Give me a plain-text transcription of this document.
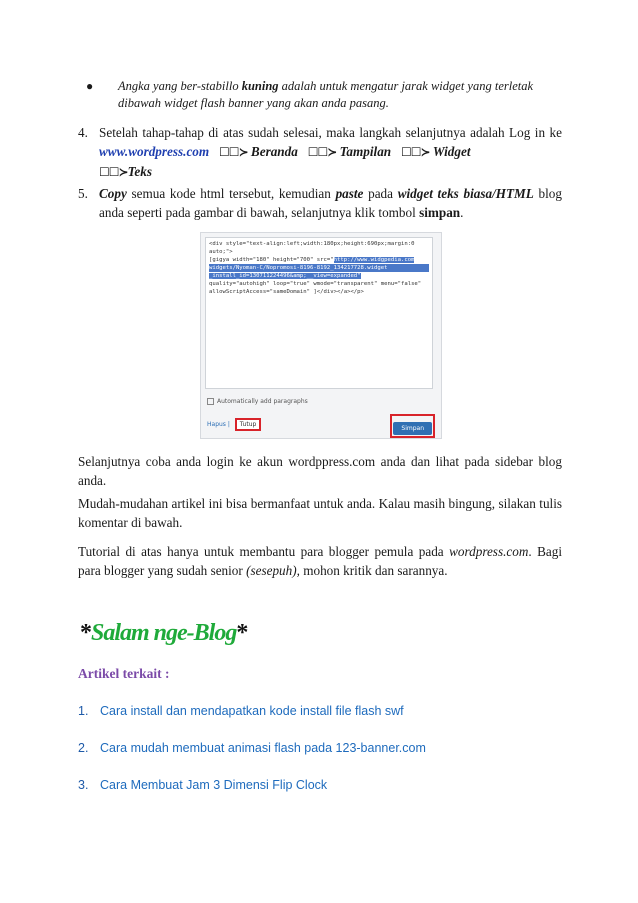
● Angka yang ber-stabillo kuning adalah untuk mengatur jarak widget yang terletak
dibawah widget flash banner yang akan anda pasang.
4. Setelah tahap-tahap di atas sudah selesai, maka langkah selanjutnya adalah Log in ke www.wordpress.com ☐☐≻ Beranda ☐☐≻ Tampilan ☐☐≻ Widget
☐☐≻Teks
5. Copy semua kode html tersebut, kemudian paste pada widget teks biasa/HTML blog anda seperti pada gambar di bawah, selanjutnya klik tombol simpan.
<div style="text-align:left;width:180px;height:690px;margin:0 auto;">
[gigya width="180" height="700" src="http://www.widgpedia.com
widgets/Nyoman-C/Nopromosi-8196-8192_134217728.widget
_install_id=130711224496&amp;__view=expanded"
quality="autohigh" loop="true" wmode="transparent" menu="false"
allowScriptAccess="sameDomain" ]</div></a></p>
Automatically add paragraphs
Hapus | Tutup
Simpan
Selanjutnya coba anda login ke akun wordppress.com anda dan lihat pada sidebar blog anda.
Mudah-mudahan artikel ini bisa bermanfaat untuk anda. Kalau masih bingung, silakan tulis komentar di bawah.
Tutorial di atas hanya untuk membantu para blogger pemula pada wordpress.com. Bagi para blogger yang sudah senior (sesepuh), mohon kritik dan sarannya.
*Salam nge-Blog*
Artikel terkait :
1. Cara install dan mendapatkan kode install file flash swf
2. Cara mudah membuat animasi flash pada 123-banner.com
3. Cara Membuat Jam 3 Dimensi Flip Clock
